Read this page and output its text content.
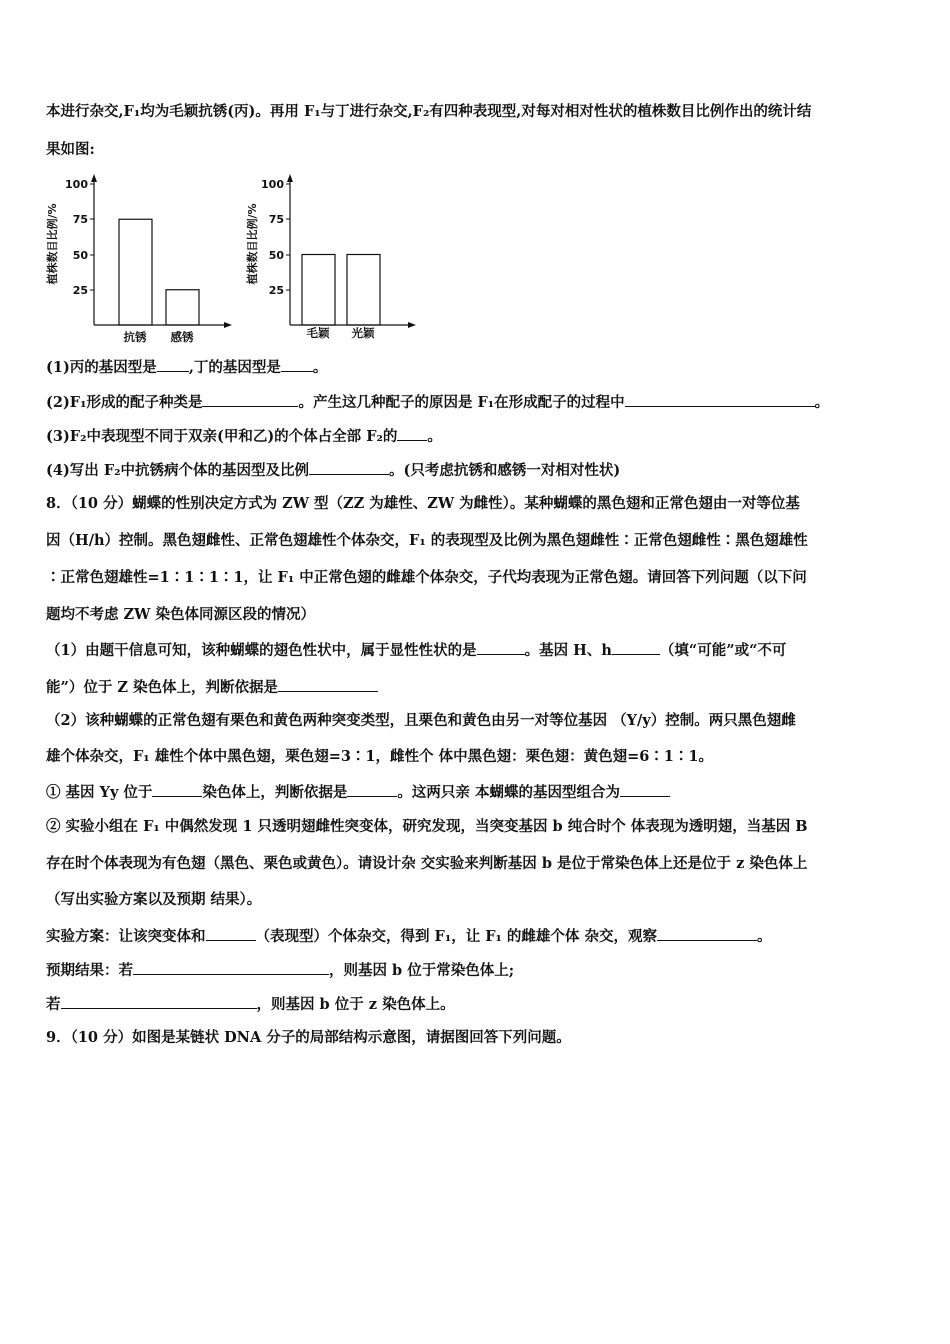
本进行杂交,F₁均为毛颖抗锈(丙)。再用 F₁与丁进行杂交,F₂有四种表现型,对每对相对性状的植株数目比例作出的统计结
果如图:
植株数目比例/%
25
50
75
100
抗锈 感锈
植株数目比例/%
25
50
75
100
毛颖 光颖
(1)丙的基因型是 ,丁的基因型是 。
(2)F₁形成的配子种类是	。产生这几种配子的原因是 F₁在形成配子的过程中	。
(3)F₂中表现型不同于双亲(甲和乙)的个体占全部 F₂的 。
(4)写出 F₂中抗锈病个体的基因型及比例	。(只考虑抗锈和感锈一对相对性状)
8．（10 分）蝴蝶的性别决定方式为 ZW 型（ZZ 为雄性、ZW 为雌性）。某种蝴蝶的黑色翅和正常色翅由一对等位基
因（H/h）控制。黑色翅雌性、正常色翅雄性个体杂交，F₁ 的表现型及比例为黑色翅雌性∶正常色翅雌性∶黑色翅雄性
∶正常色翅雄性=1∶1∶1∶1，让 F₁ 中正常色翅的雌雄个体杂交，子代均表现为正常色翅。请回答下列问题（以下问
题均不考虑 ZW 染色体同源区段的情况）
（1）由题干信息可知，该种蝴蝶的翅色性状中，属于显性性状的是	。基因 H、h	（填“可能”或“不可
能”）位于 Z 染色体上，判断依据是
（2）该种蝴蝶的正常色翅有栗色和黄色两种突变类型，且栗色和黄色由另一对等位基因 （Y/y）控制。两只黑色翅雌
雄个体杂交，F₁ 雄性个体中黑色翅，栗色翅=3∶1，雌性个 体中黑色翅：栗色翅：黄色翅=6∶1∶1。
① 基因 Yy 位于	染色体上，判断依据是	。这两只亲 本蝴蝶的基因型组合为
② 实验小组在 F₁ 中偶然发现 1 只透明翅雌性突变体，研究发现，当突变基因 b 纯合时个 体表现为透明翅，当基因 B
存在时个体表现为有色翅（黑色、栗色或黄色）。请设计杂 交实验来判断基因 b 是位于常染色体上还是位于 z 染色体上
（写出实验方案以及预期 结果）。
实验方案：让该突变体和	（表现型）个体杂交，得到 F₁，让 F₁ 的雌雄个体 杂交，观察	。
预期结果：若	，则基因 b 位于常染色体上;
若	，则基因 b 位于 z 染色体上。
9．（10 分）如图是某链状 DNA 分子的局部结构示意图，请据图回答下列问题。
